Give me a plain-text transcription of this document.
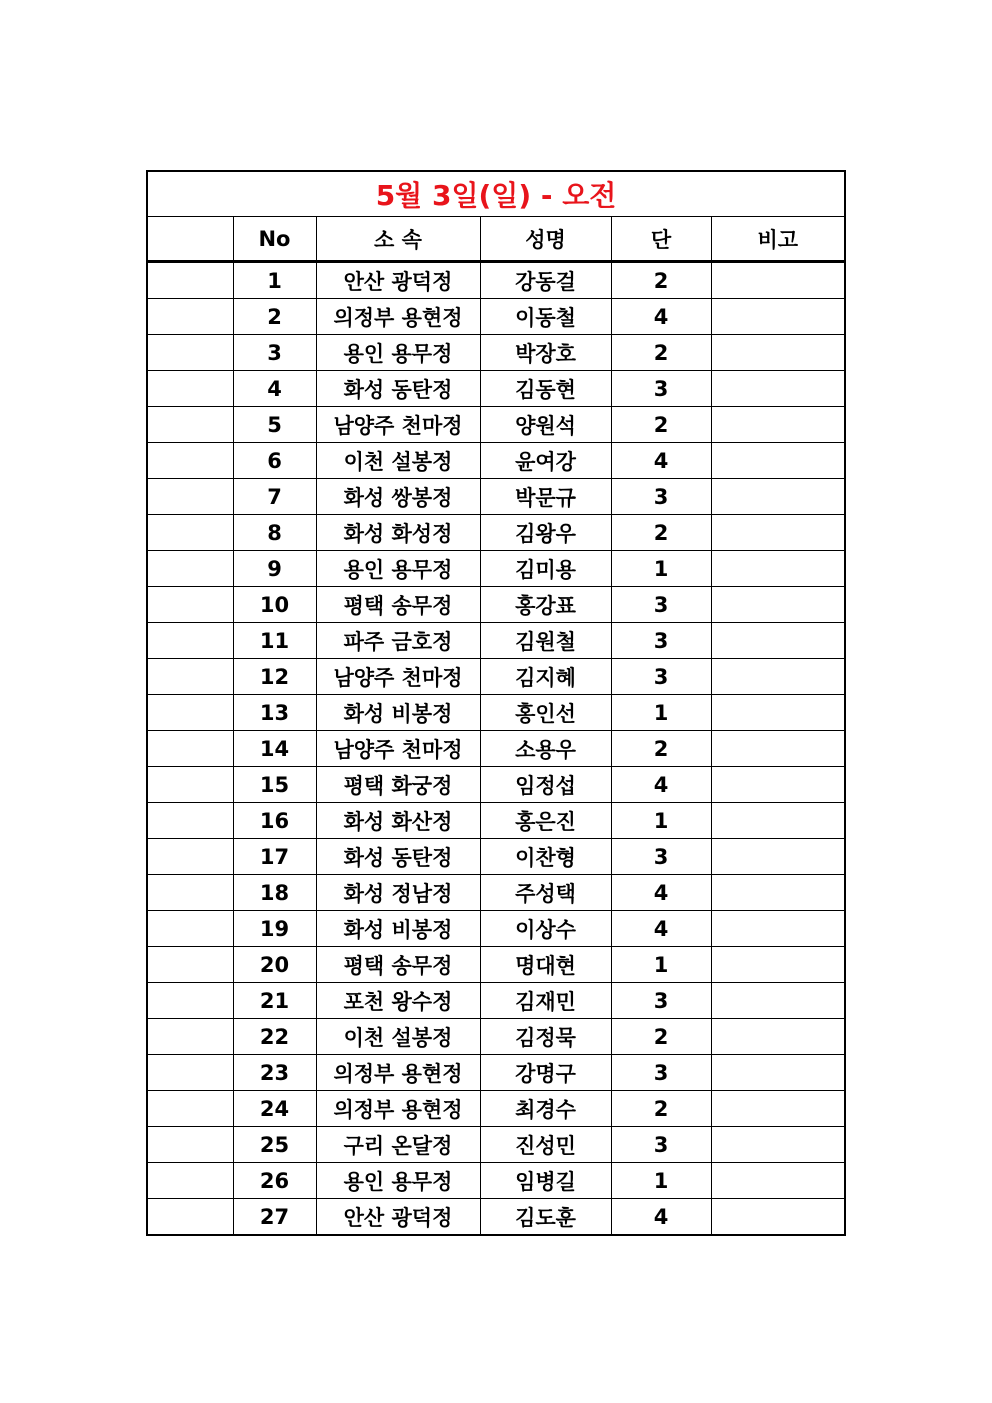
5월 3일(일) - 오전					
	No	소 속	성명	단	비고
	1	안산 광덕정	강동걸	2	
	2	의정부 용현정	이동철	4	
	3	용인 용무정	박장호	2	
	4	화성 동탄정	김동현	3	
	5	남양주 천마정	양원석	2	
	6	이천 설봉정	윤여강	4	
	7	화성 쌍봉정	박문규	3	
	8	화성 화성정	김왕우	2	
	9	용인 용무정	김미용	1	
	10	평택 송무정	홍강표	3	
	11	파주 금호정	김원철	3	
	12	남양주 천마정	김지혜	3	
	13	화성 비봉정	홍인선	1	
	14	남양주 천마정	소용우	2	
	15	평택 화궁정	임정섭	4	
	16	화성 화산정	홍은진	1	
	17	화성 동탄정	이찬형	3	
	18	화성 정남정	주성택	4	
	19	화성 비봉정	이상수	4	
	20	평택 송무정	명대현	1	
	21	포천 왕수정	김재민	3	
	22	이천 설봉정	김정묵	2	
	23	의정부 용현정	강명구	3	
	24	의정부 용현정	최경수	2	
	25	구리 온달정	진성민	3	
	26	용인 용무정	임병길	1	
	27	안산 광덕정	김도훈	4	
